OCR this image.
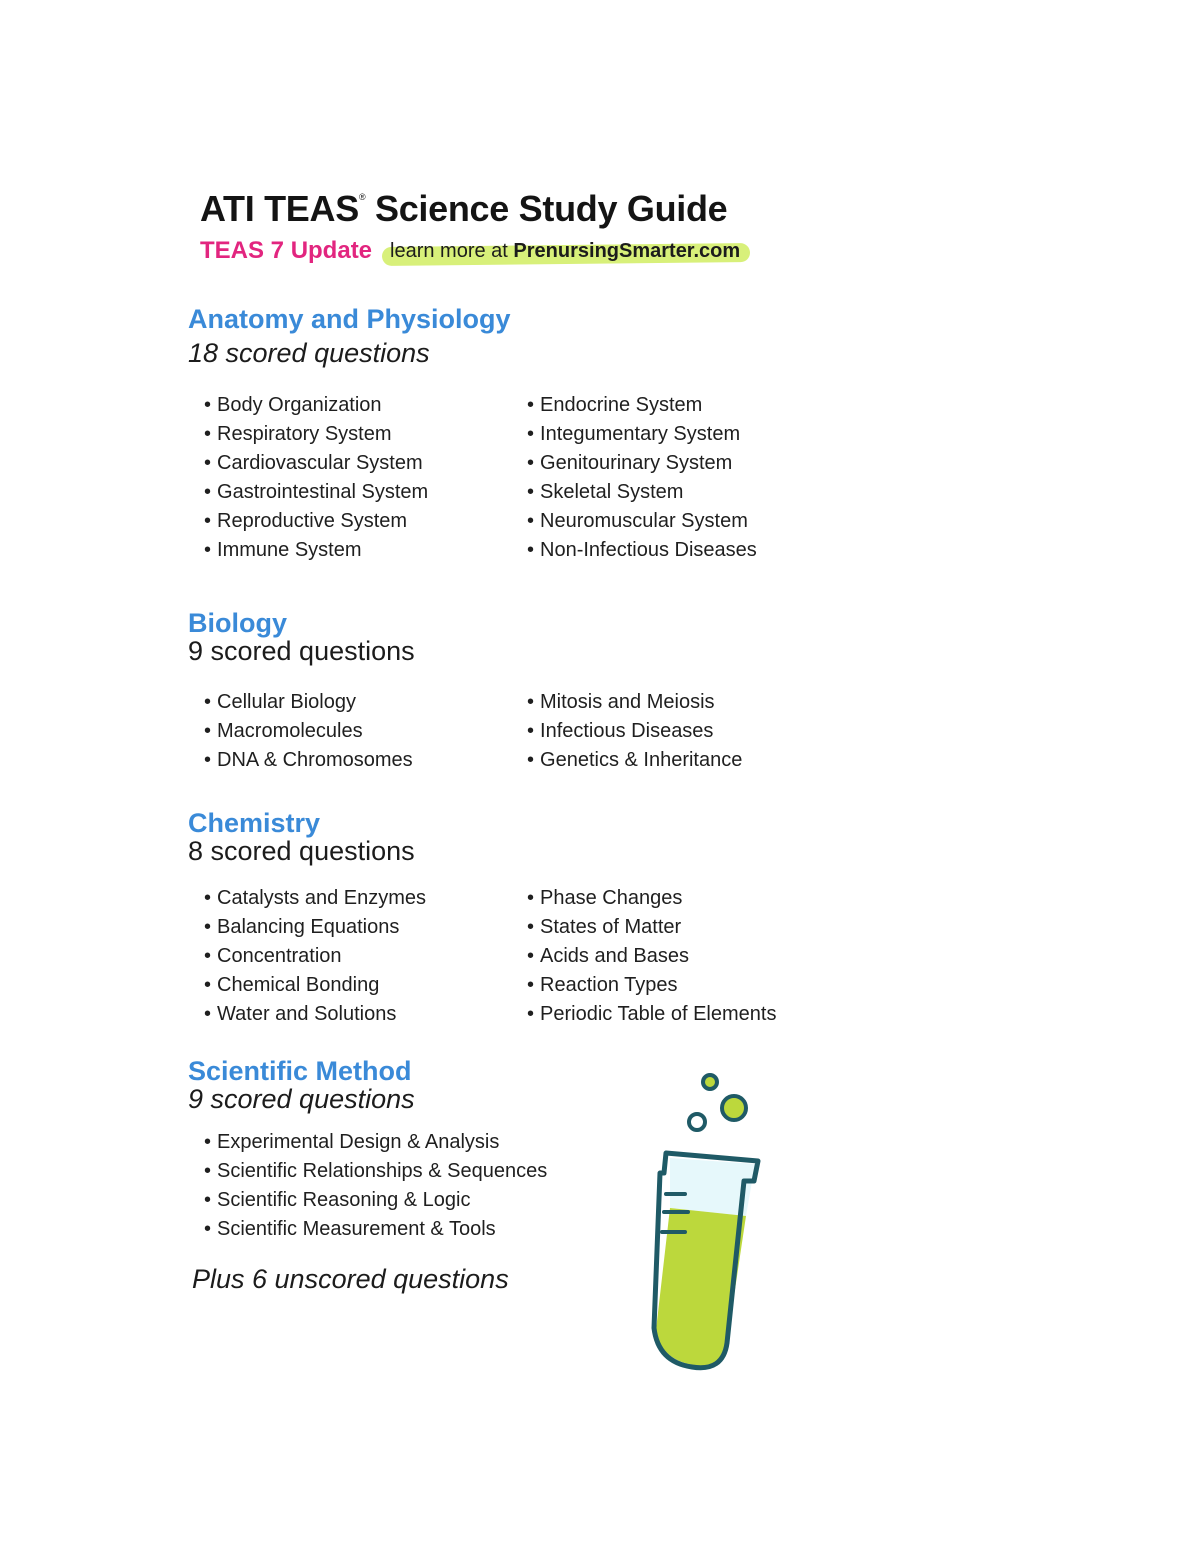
ATI TEAS® Science Study Guide
TEAS 7 Update learn more at PrenursingSmarter.com
Anatomy and Physiology

18 scored questions

• Body Organization
• Respiratory System
• Cardiovascular System
• Gastrointestinal System
• Reproductive System
• Immune System
• Endocrine System
• Integumentary System
• Genitourinary System
• Skeletal System
• Neuromuscular System
• Non-Infectious Diseases
Biology

9 scored questions

• Cellular Biology
• Macromolecules
• DNA & Chromosomes
• Mitosis and Meiosis
• Infectious Diseases
• Genetics & Inheritance
Chemistry

8 scored questions

• Catalysts and Enzymes
• Balancing Equations
• Concentration
• Chemical Bonding
• Water and Solutions
• Phase Changes
• States of Matter
• Acids and Bases
• Reaction Types
• Periodic Table of Elements
Scientific Method

9 scored questions

• Experimental Design & Analysis
• Scientific Relationships & Sequences
• Scientific Reasoning & Logic
• Scientific Measurement & Tools

Plus 6 unscored questions
